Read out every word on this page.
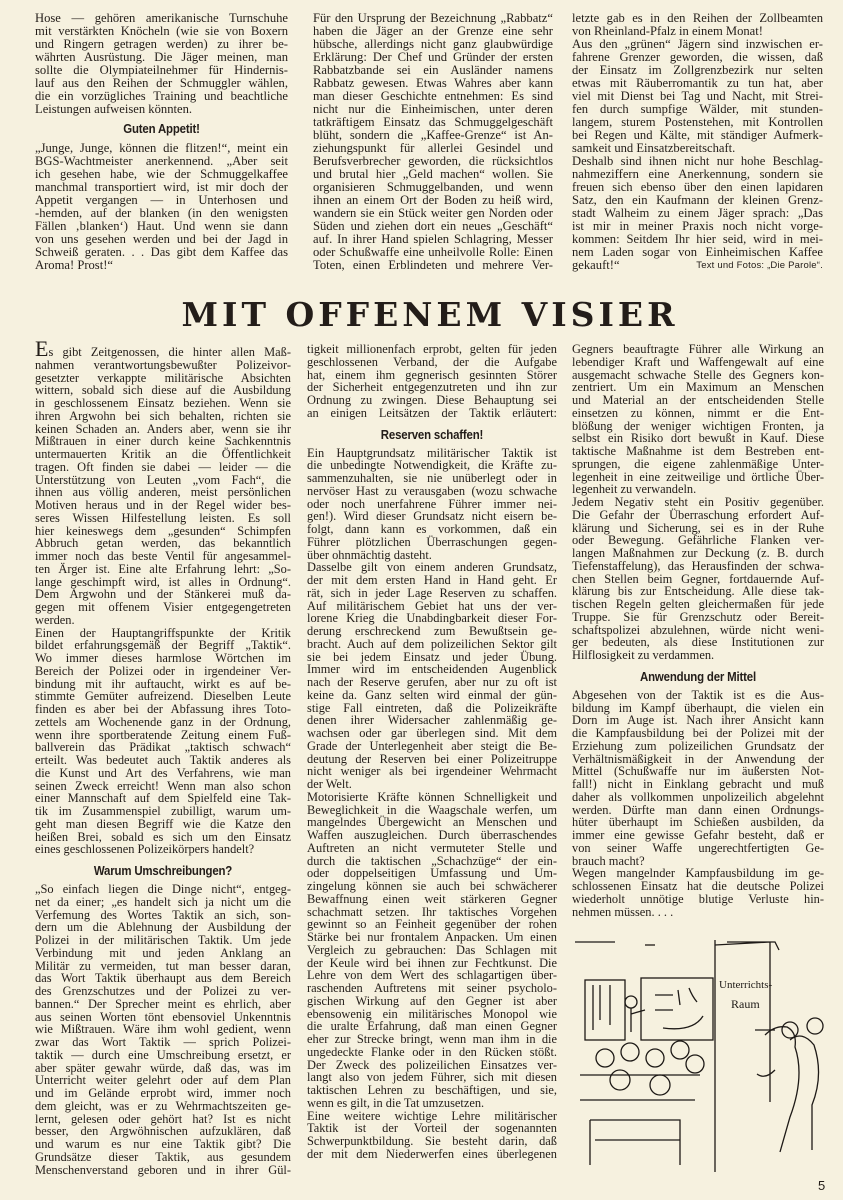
Hose — gehören amerikanische Turnschuhe
mit verstärkten Knöcheln (wie sie von Boxern
und Ringern getragen werden) zu ihrer be-
währten Ausrüstung. Die Jäger meinen, man
sollte die Olympiateilnehmer für Hindernis-
lauf aus den Reihen der Schmuggler wählen,
die ein vorzügliches Training und beachtliche
Leistungen aufweisen könnten.
Guten Appetit!
„Junge, Junge, können die flitzen!“, meint ein
BGS-Wachtmeister anerkennend. „Aber seit
ich gesehen habe, wie der Schmuggelkaffee
manchmal transportiert wird, ist mir doch der
Appetit vergangen — in Unterhosen und
-hemden, auf der blanken (in den wenigsten
Fällen ‚blanken‘) Haut. Und wenn sie dann
von uns gesehen werden und bei der Jagd in
Schweiß geraten. . . Das gibt dem Kaffee das
Aroma! Prost!“
Für den Ursprung der Bezeichnung „Rabbatz“
haben die Jäger an der Grenze eine sehr
hübsche, allerdings nicht ganz glaubwürdige
Erklärung: Der Chef und Gründer der ersten
Rabbatzbande sei ein Ausländer namens
Rabbatz gewesen. Etwas Wahres aber kann
man dieser Geschichte entnehmen: Es sind
nicht nur die Einheimischen, unter deren
tatkräftigem Einsatz das Schmuggelgeschäft
blüht, sondern die „Kaffee-Grenze“ ist An-
ziehungspunkt für allerlei Gesindel und
Berufsverbrecher geworden, die rücksichtlos
und brutal hier „Geld machen“ wollen. Sie
organisieren Schmuggelbanden, und wenn
ihnen an einem Ort der Boden zu heiß wird,
wandern sie ein Stück weiter gen Norden oder
Süden und ziehen dort ein neues „Geschäft“
auf. In ihrer Hand spielen Schlagring, Messer
oder Schußwaffe eine unheilvolle Rolle: Einen
Toten, einen Erblindeten und mehrere Ver-
letzte gab es in den Reihen der Zollbeamten
von Rheinland-Pfalz in einem Monat!
Aus den „grünen“ Jägern sind inzwischen er-
fahrene Grenzer geworden, die wissen, daß
der Einsatz im Zollgrenzbezirk nur selten
etwas mit Räuberromantik zu tun hat, aber
viel mit Dienst bei Tag und Nacht, mit Strei-
fen durch sumpfige Wälder, mit stunden-
langem, sturem Postenstehen, mit Kontrollen
bei Regen und Kälte, mit ständiger Aufmerk-
samkeit und Einsatzbereitschaft.
Deshalb sind ihnen nicht nur hohe Beschlag-
nahmeziffern eine Anerkennung, sondern sie
freuen sich ebenso über den einen lapidaren
Satz, den ein Kaufmann der kleinen Grenz-
stadt Walheim zu einem Jäger sprach: „Das
ist mir in meiner Praxis noch nicht vorge-
kommen: Seitdem Ihr hier seid, wird in mei-
nem Laden sogar von Einheimischen Kaffee
Text und Fotos: „Die Parole“.
gekauft!“
MIT OFFENEM VISIER
Es gibt Zeitgenossen, die hinter allen Maß-
nahmen verantwortungsbewußter Polizeivor-
gesetzter verkappte militärische Absichten
wittern, sobald sich diese auf die Ausbildung
in geschlossenem Einsatz beziehen. Wenn sie
ihren Argwohn bei sich behalten, richten sie
keinen Schaden an. Anders aber, wenn sie ihr
Mißtrauen in einer durch keine Sachkenntnis
untermauerten Kritik an die Öffentlichkeit
tragen. Oft finden sie dabei — leider — die
Unterstützung von Leuten „vom Fach“, die
ihnen aus völlig anderen, meist persönlichen
Motiven heraus und in der Regel wider bes-
seres Wissen Hilfestellung leisten. Es soll
hier keineswegs dem „gesunden“ Schimpfen
Abbruch getan werden, das bekanntlich
immer noch das beste Ventil für angesammel-
ten Ärger ist. Eine alte Erfahrung lehrt: „So-
lange geschimpft wird, ist alles in Ordnung“.
Dem Argwohn und der Stänkerei muß da-
gegen mit offenem Visier entgegengetreten
werden.
Einen der Hauptangriffspunkte der Kritik
bildet erfahrungsgemäß der Begriff „Taktik“.
Wo immer dieses harmlose Wörtchen im
Bereich der Polizei oder in irgendeiner Ver-
bindung mit ihr auftaucht, wirkt es auf be-
stimmte Gemüter aufreizend. Dieselben Leute
finden es aber bei der Abfassung ihres Toto-
zettels am Wochenende ganz in der Ordnung,
wenn ihre sportberatende Zeitung einem Fuß-
ballverein das Prädikat „taktisch schwach“
erteilt. Was bedeutet auch Taktik anderes als
die Kunst und Art des Verfahrens, wie man
seinen Zweck erreicht! Wenn man also schon
einer Mannschaft auf dem Spielfeld eine Tak-
tik im Zusammenspiel zubilligt, warum um-
geht man diesen Begriff wie die Katze den
heißen Brei, sobald es sich um den Einsatz
eines geschlossenen Polizeikörpers handelt?
Warum Umschreibungen?
„So einfach liegen die Dinge nicht“, entgeg-
net da einer; „es handelt sich ja nicht um die
Verfemung des Wortes Taktik an sich, son-
dern um die Ablehnung der Ausbildung der
Polizei in der militärischen Taktik. Um jede
Verbindung mit und jeden Anklang an
Militär zu vermeiden, tut man besser daran,
das Wort Taktik überhaupt aus dem Bereich
des Grenzschutzes und der Polizei zu ver-
bannen.“ Der Sprecher meint es ehrlich, aber
aus seinen Worten tönt ebensoviel Unkenntnis
wie Mißtrauen. Wäre ihm wohl gedient, wenn
zwar das Wort Taktik — sprich Polizei-
taktik — durch eine Umschreibung ersetzt, er
aber später gewahr würde, daß das, was im
Unterricht weiter gelehrt oder auf dem Plan
und im Gelände erprobt wird, immer noch
dem gleicht, was er zu Wehrmachtszeiten ge-
lernt, gelesen oder gehört hat? Ist es nicht
besser, den Argwöhnischen aufzuklären, daß
und warum es nur eine Taktik gibt? Die
Grundsätze dieser Taktik, aus gesundem
Menschenverstand geboren und in ihrer Gül-
tigkeit millionenfach erprobt, gelten für jeden
geschlossenen Verband, der die Aufgabe
hat, einem ihm gegnerisch gesinnten Störer
der Sicherheit entgegenzutreten und ihn zur
Ordnung zu zwingen. Diese Behauptung sei
an einigen Leitsätzen der Taktik erläutert:
Reserven schaffen!
Ein Hauptgrundsatz militärischer Taktik ist
die unbedingte Notwendigkeit, die Kräfte zu-
sammenzuhalten, sie nie unüberlegt oder in
nervöser Hast zu verausgaben (wozu schwache
oder noch unerfahrene Führer immer nei-
gen!). Wird dieser Grundsatz nicht eisern be-
folgt, dann kann es vorkommen, daß ein
Führer plötzlichen Überraschungen gegen-
über ohnmächtig dasteht.
Dasselbe gilt von einem anderen Grundsatz,
der mit dem ersten Hand in Hand geht. Er
rät, sich in jeder Lage Reserven zu schaffen.
Auf militärischem Gebiet hat uns der ver-
lorene Krieg die Unabdingbarkeit dieser For-
derung erschreckend zum Bewußtsein ge-
bracht. Auch auf dem polizeilichen Sektor gilt
sie bei jedem Einsatz und jeder Übung.
Immer wird im entscheidenden Augenblick
nach der Reserve gerufen, aber nur zu oft ist
keine da. Ganz selten wird einmal der gün-
stige Fall eintreten, daß die Polizeikräfte
denen ihrer Widersacher zahlenmäßig ge-
wachsen oder gar überlegen sind. Mit dem
Grade der Unterlegenheit aber steigt die Be-
deutung der Reserven bei einer Polizeitruppe
nicht weniger als bei irgendeiner Wehrmacht
der Welt.
Motorisierte Kräfte können Schnelligkeit und
Beweglichkeit in die Waagschale werfen, um
mangelndes Übergewicht an Menschen und
Waffen auszugleichen. Durch überraschendes
Auftreten an nicht vermuteter Stelle und
durch die taktischen „Schachzüge“ der ein-
oder doppelseitigen Umfassung und Um-
zingelung können sie auch bei schwächerer
Bewaffnung einen weit stärkeren Gegner
schachmatt setzen. Ihr taktisches Vorgehen
gewinnt so an Feinheit gegenüber der rohen
Stärke bei nur frontalem Anpacken. Um einen
Vergleich zu gebrauchen: Das Schlagen mit
der Keule wird bei ihnen zur Fechtkunst. Die
Lehre von dem Wert des schlagartigen über-
raschenden Auftretens mit seiner psycholo-
gischen Wirkung auf den Gegner ist aber
ebensowenig ein militärisches Monopol wie
die uralte Erfahrung, daß man einen Gegner
eher zur Strecke bringt, wenn man ihm in die
ungedeckte Flanke oder in den Rücken stößt.
Der Zweck des polizeilichen Einsatzes ver-
langt also von jedem Führer, sich mit diesen
taktischen Lehren zu beschäftigen, und sie,
wenn es gilt, in die Tat umzusetzen.
Eine weitere wichtige Lehre militärischer
Taktik ist der Vorteil der sogenannten
Schwerpunktbildung. Sie besteht darin, daß
der mit dem Niederwerfen eines überlegenen
Gegners beauftragte Führer alle Wirkung an
lebendiger Kraft und Waffengewalt auf eine
ausgemacht schwache Stelle des Gegners kon-
zentriert. Um ein Maximum an Menschen
und Material an der entscheidenden Stelle
einsetzen zu können, nimmt er die Ent-
blößung der weniger wichtigen Fronten, ja
selbst ein Risiko dort bewußt in Kauf. Diese
taktische Maßnahme ist dem Bestreben ent-
sprungen, die eigene zahlenmäßige Unter-
legenheit in eine zeitweilige und örtliche Über-
legenheit zu verwandeln.
Jedem Negativ steht ein Positiv gegenüber.
Die Gefahr der Überraschung erfordert Auf-
klärung und Sicherung, sei es in der Ruhe
oder Bewegung. Gefährliche Flanken ver-
langen Maßnahmen zur Deckung (z. B. durch
Tiefenstaffelung), das Herausfinden der schwa-
chen Stellen beim Gegner, fortdauernde Auf-
klärung bis zur Entscheidung. Alle diese tak-
tischen Regeln gelten gleichermaßen für jede
Truppe. Sie für Grenzschutz oder Bereit-
schaftspolizei abzulehnen, würde nicht weni-
ger bedeuten, als diese Institutionen zur
Hilflosigkeit zu verdammen.
Anwendung der Mittel
Abgesehen von der Taktik ist es die Aus-
bildung im Kampf überhaupt, die vielen ein
Dorn im Auge ist. Nach ihrer Ansicht kann
die Kampfausbildung bei der Polizei mit der
Erziehung zum polizeilichen Grundsatz der
Verhältnismäßigkeit in der Anwendung der
Mittel (Schußwaffe nur im äußersten Not-
fall!) nicht in Einklang gebracht und muß
daher als vollkommen unpolizeilich abgelehnt
werden. Dürfte man dann einen Ordnungs-
hüter überhaupt im Schießen ausbilden, da
immer eine gewisse Gefahr besteht, daß er
von seiner Waffe ungerechtfertigten Ge-
brauch macht?
Wegen mangelnder Kampfausbildung im ge-
schlossenen Einsatz hat die deutsche Polizei
wiederholt unnötige blutige Verluste hin-
nehmen müssen. . . .
Unterrichts-
Raum
5
